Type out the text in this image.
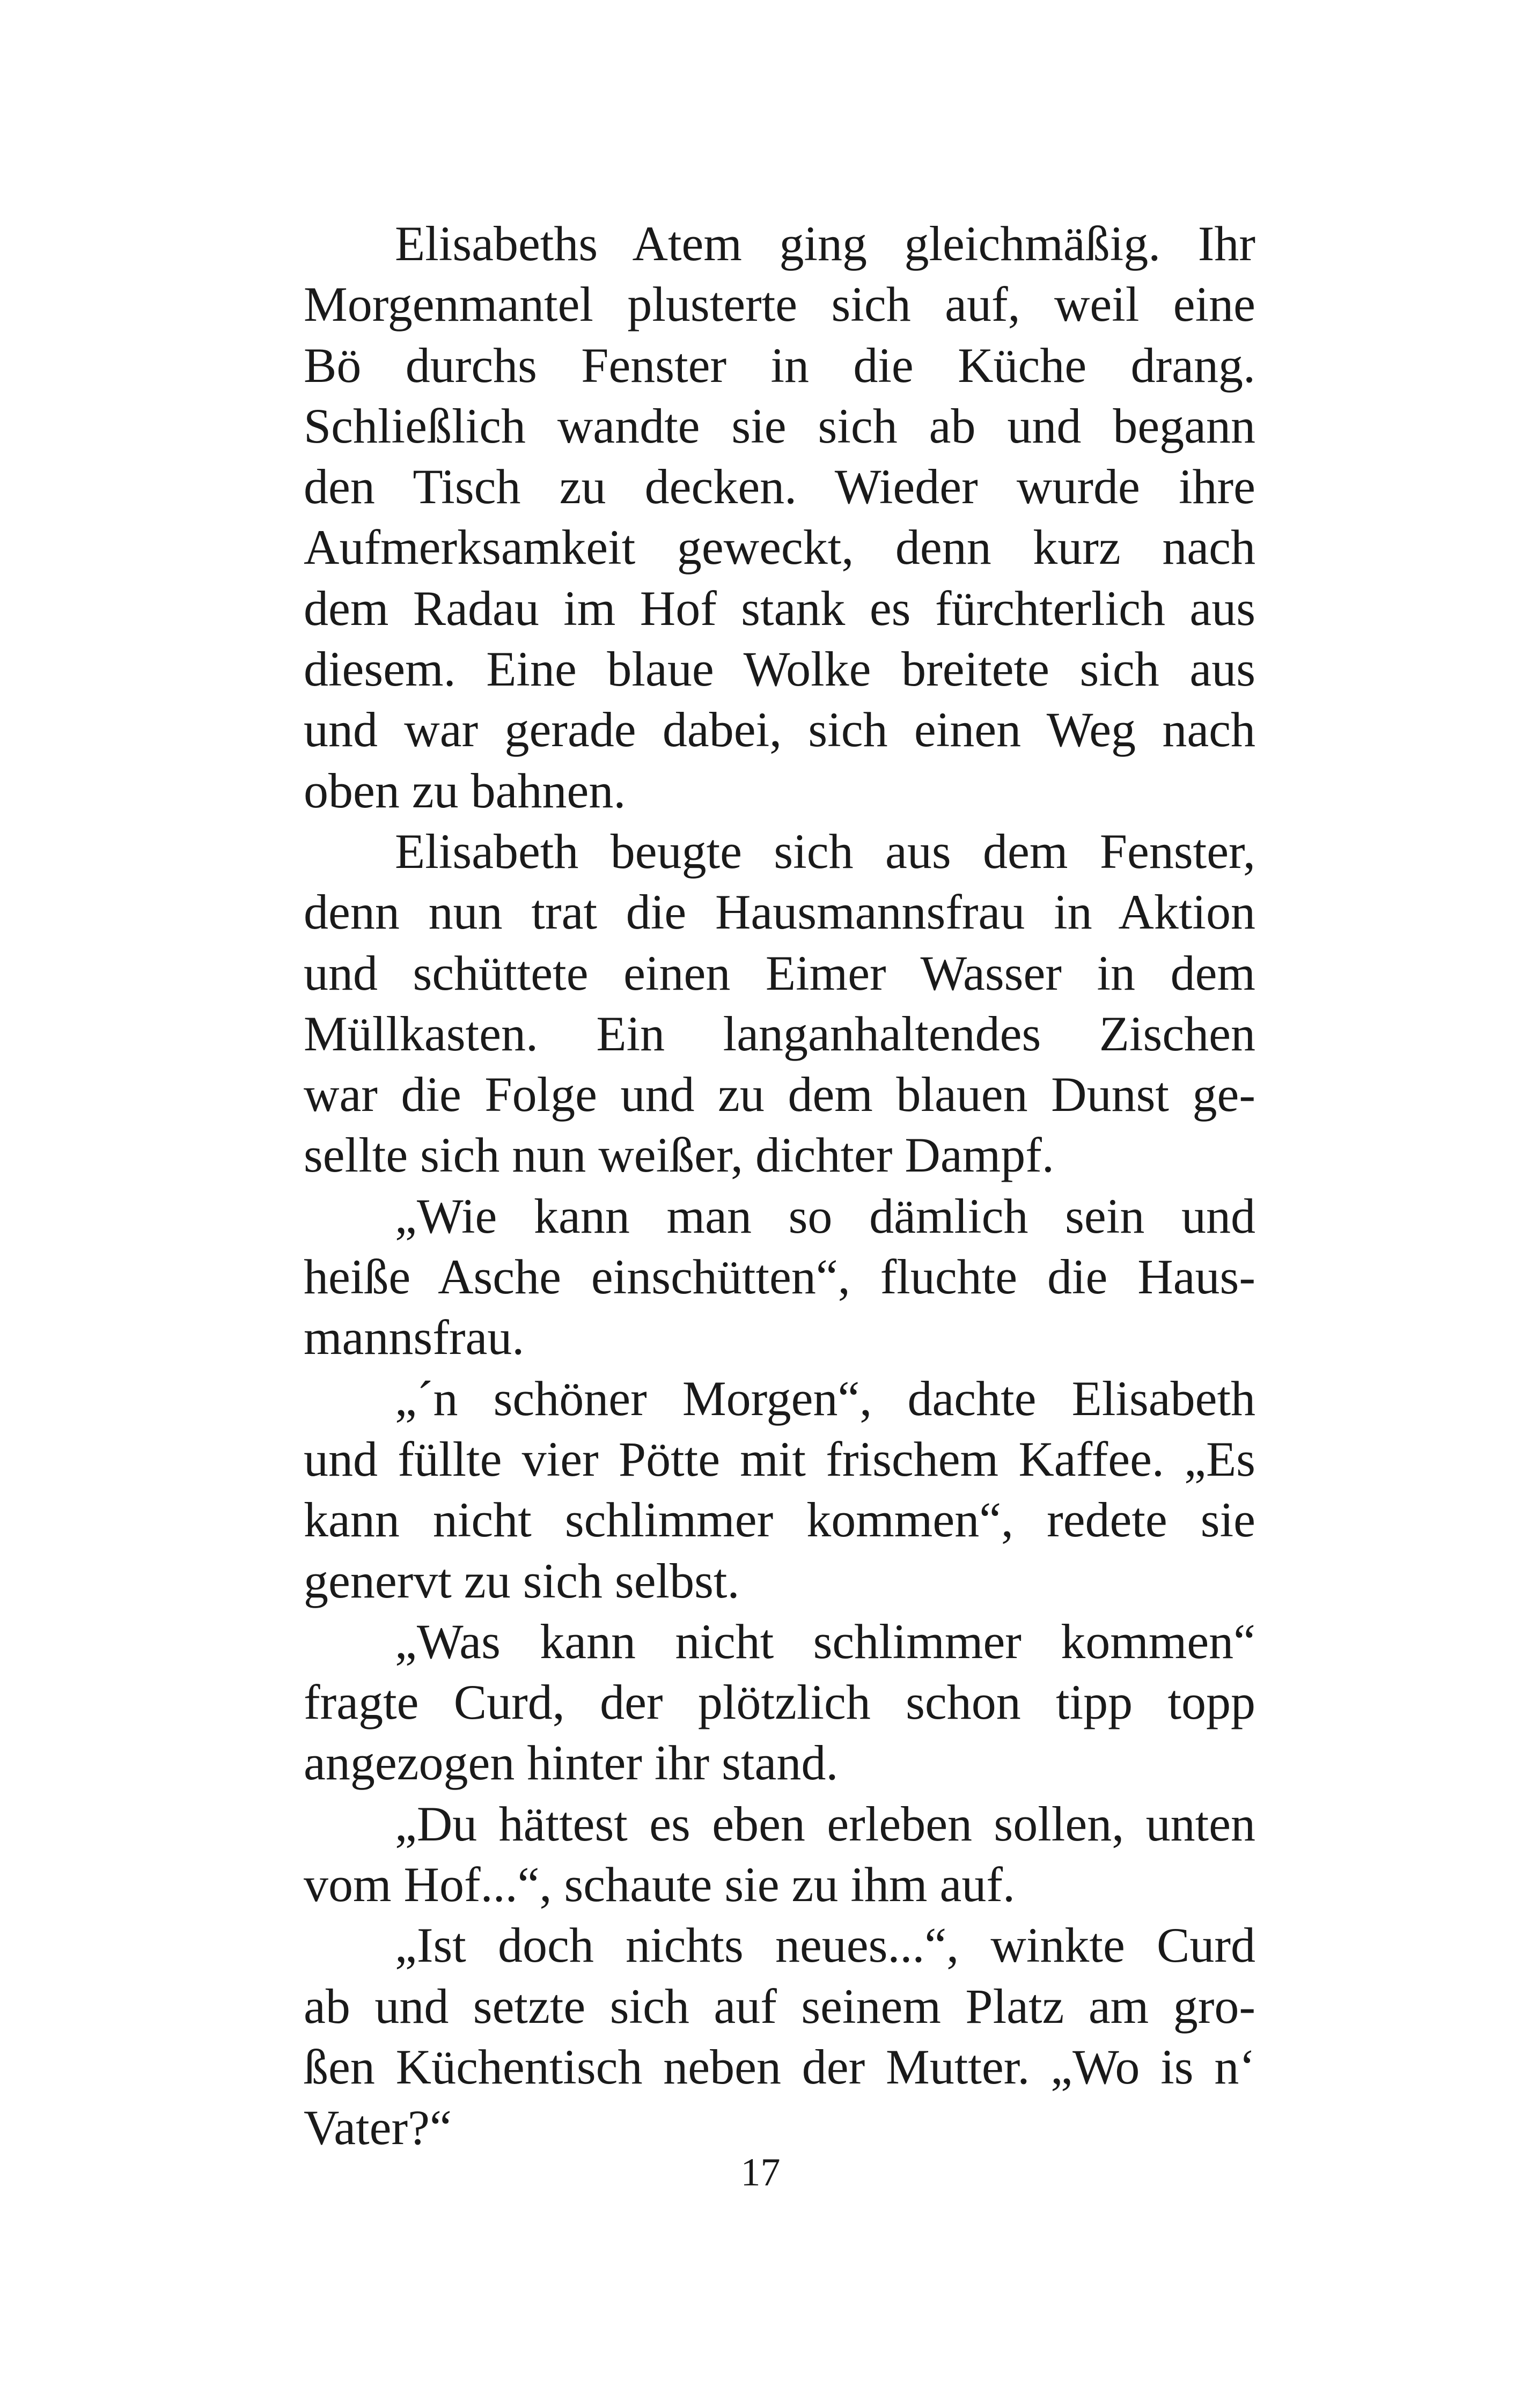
Elisabeths Atem ging gleichmäßig. Ihr
Morgenmantel plusterte sich auf, weil eine
Bö durchs Fenster in die Küche drang.
Schließlich wandte sie sich ab und begann
den Tisch zu decken. Wieder wurde ihre
Aufmerksamkeit geweckt, denn kurz nach
dem Radau im Hof stank es fürchterlich aus
diesem. Eine blaue Wolke breitete sich aus
und war gerade dabei, sich einen Weg nach
oben zu bahnen.
Elisabeth beugte sich aus dem Fenster,
denn nun trat die Hausmannsfrau in Aktion
und schüttete einen Eimer Wasser in dem
Müllkasten. Ein langanhaltendes Zischen
war die Folge und zu dem blauen Dunst ge-
sellte sich nun weißer, dichter Dampf.
„Wie kann man so dämlich sein und
heiße Asche einschütten“, fluchte die Haus-
mannsfrau.
„´n schöner Morgen“, dachte Elisabeth
und füllte vier Pötte mit frischem Kaffee. „Es
kann nicht schlimmer kommen“, redete sie
genervt zu sich selbst.
„Was kann nicht schlimmer kommen“
fragte Curd, der plötzlich schon tipp topp
angezogen hinter ihr stand.
„Du hättest es eben erleben sollen, unten
vom Hof...“, schaute sie zu ihm auf.
„Ist doch nichts neues...“, winkte Curd
ab und setzte sich auf seinem Platz am gro-
ßen Küchentisch neben der Mutter. „Wo is n‘
Vater?“
17
